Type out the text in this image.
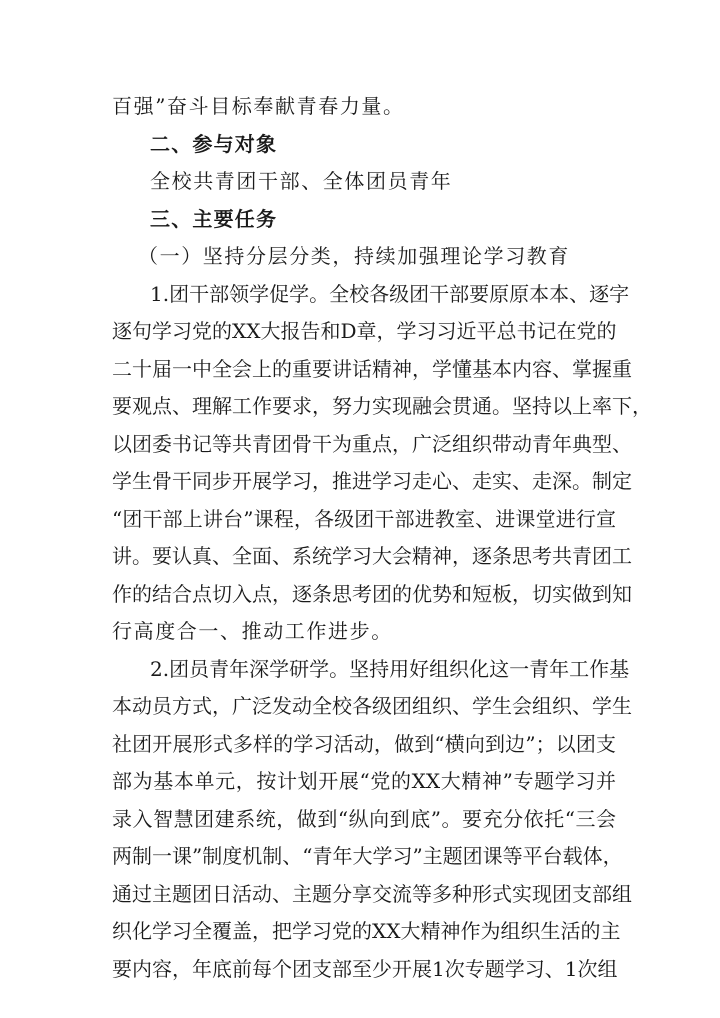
百强”奋斗目标奉献青春力量。
二、参与对象
全校共青团干部、全体团员青年
三、主要任务
（一）坚持分层分类，持续加强理论学习教育
1.团干部领学促学。全校各级团干部要原原本本、逐字
逐句学习党的XX大报告和D章，学习习近平总书记在党的
二十届一中全会上的重要讲话精神，学懂基本内容、掌握重
要观点、理解工作要求，努力实现融会贯通。坚持以上率下，
以团委书记等共青团骨干为重点，广泛组织带动青年典型、
学生骨干同步开展学习，推进学习走心、走实、走深。制定
“团干部上讲台”课程，各级团干部进教室、进课堂进行宣
讲。要认真、全面、系统学习大会精神，逐条思考共青团工
作的结合点切入点，逐条思考团的优势和短板，切实做到知
行高度合一、推动工作进步。
2.团员青年深学研学。坚持用好组织化这一青年工作基
本动员方式，广泛发动全校各级团组织、学生会组织、学生
社团开展形式多样的学习活动，做到“横向到边”；以团支
部为基本单元，按计划开展“党的XX大精神”专题学习并
录入智慧团建系统，做到“纵向到底”。要充分依托“三会
两制一课”制度机制、“青年大学习”主题团课等平台载体，
通过主题团日活动、主题分享交流等多种形式实现团支部组
织化学习全覆盖，把学习党的XX大精神作为组织生活的主
要内容，年底前每个团支部至少开展1次专题学习、1次组
